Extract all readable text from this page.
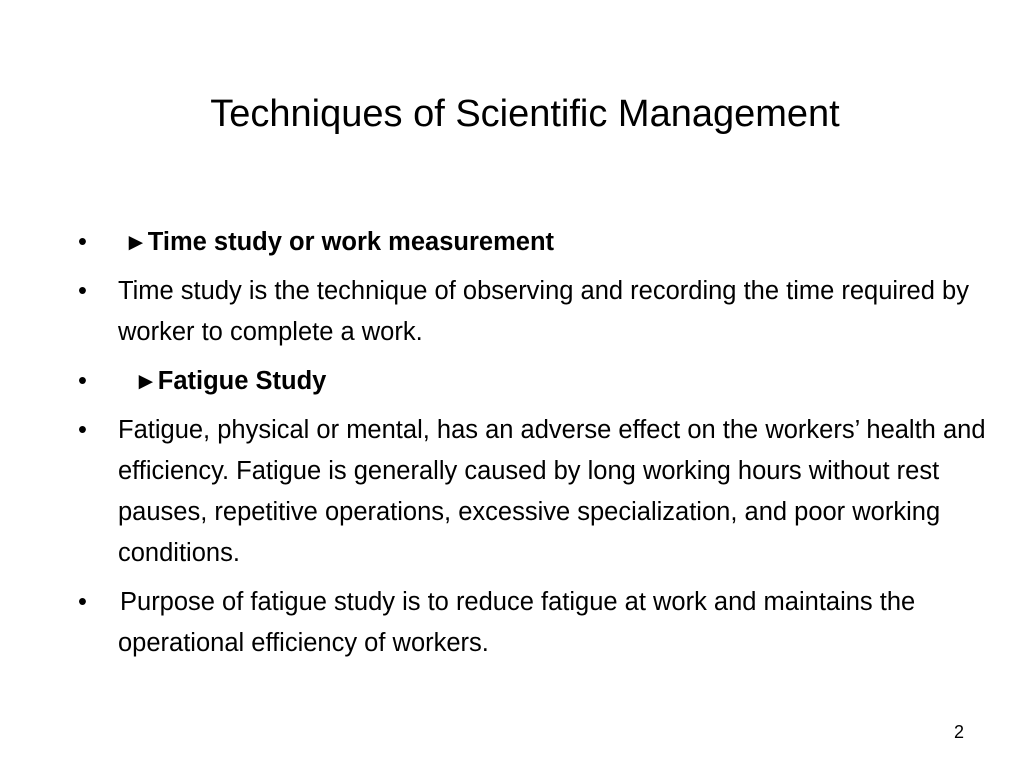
Techniques of Scientific Management
•	►Time study or work measurement
•	Time study is the technique of observing and recording the time required by worker to complete a work.
•	►Fatigue Study
•	Fatigue, physical or mental, has an adverse effect on the workers’ health and efficiency. Fatigue is generally caused by long working hours without rest pauses, repetitive operations, excessive specialization, and poor working conditions.
•	Purpose of fatigue study is to reduce fatigue at work and maintains the operational efficiency of workers.
2
